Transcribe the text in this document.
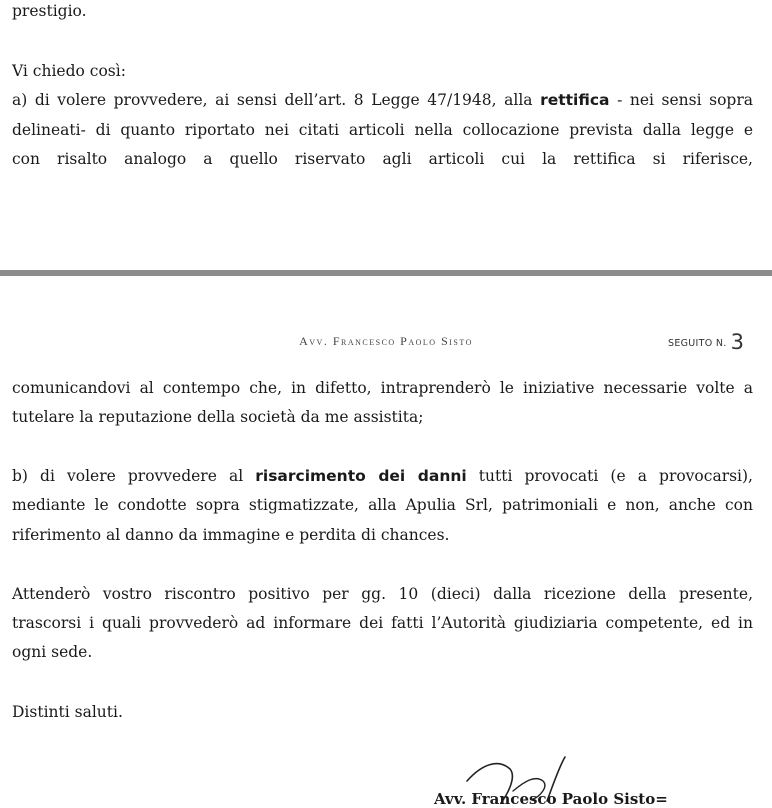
prestigio.
Vi chiedo così:
a) di volere provvedere, ai sensi dell’art. 8 Legge 47/1948, alla rettifica - nei sensi sopra
delineati- di quanto riportato nei citati articoli nella collocazione prevista dalla legge e
con risalto analogo a quello riservato agli articoli cui la rettifica si riferisce,
Avv. Francesco Paolo Sisto	SEGUITO N. 3
comunicandovi al contempo che, in difetto, intraprenderò le iniziative necessarie volte a
tutelare la reputazione della società da me assistita;
b) di volere provvedere al risarcimento dei danni tutti provocati (e a provocarsi),
mediante le condotte sopra stigmatizzate, alla Apulia Srl, patrimoniali e non, anche con
riferimento al danno da immagine e perdita di chances.
Attenderò vostro riscontro positivo per gg. 10 (dieci) dalla ricezione della presente,
trascorsi i quali provvederò ad informare dei fatti l’Autorità giudiziaria competente, ed in
ogni sede.
Distinti saluti.
Avv. Francesco Paolo Sisto=
